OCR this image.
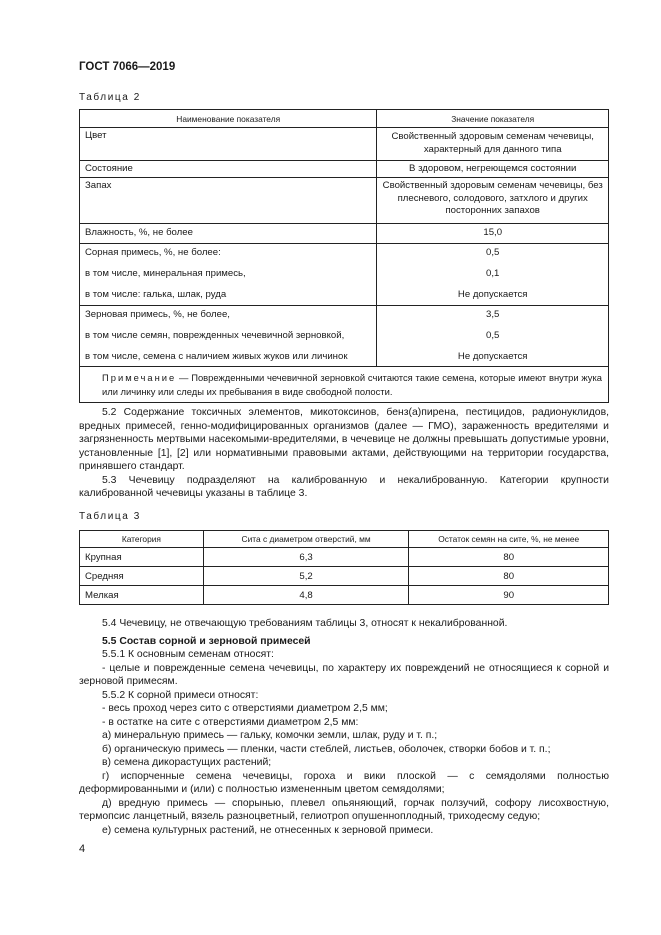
ГОСТ 7066—2019
Таблица 2
Наименование показателя	Значение показателя
Цвет	Свойственный здоровым семенам чечевицы, характерный для данного типа
Состояние	В здоровом, негреющемся состоянии
Запах	Свойственный здоровым семенам чечевицы, без плесневого, солодового, затхлого и других посторонних запахов
Влажность, %, не более	15,0
Сорная примесь, %, не более:	0,5
в том числе, минеральная примесь,	0,1
в том числе: галька, шлак, руда	Не допускается
Зерновая примесь, %, не более,	3,5
в том числе семян, поврежденных чечевичной зерновкой,	0,5
в том числе, семена с наличием живых жуков или личинок	Не допускается
Примечание — Поврежденными чечевичной зерновкой считаются такие семена, которые имеют внутри жука или личинку или следы их пребывания в виде свободной полости.	

5.2 Содержание токсичных элементов, микотоксинов, бенз(а)пирена, пестицидов, радионуклидов, вредных примесей, генно-модифицированных организмов (далее — ГМО), зараженность вредителями и загрязненность мертвыми насекомыми-вредителями, в чечевице не должны превышать допустимые уровни, установленные [1], [2] или нормативными правовыми актами, действующими на территории государства, принявшего стандарт.

5.3 Чечевицу подразделяют на калиброванную и некалиброванную. Категории крупности калиброванной чечевицы указаны в таблице 3.

Таблица 3
Категория	Сита с диаметром отверстий, мм	Остаток семян на сите, %, не менее
Крупная	6,3	80
Средняя	5,2	80
Мелкая	4,8	90

5.4 Чечевицу, не отвечающую требованиям таблицы 3, относят к некалиброванной.

5.5 Состав сорной и зерновой примесей

5.5.1 К основным семенам относят:

- целые и поврежденные семена чечевицы, по характеру их повреждений не относящиеся к сорной и зерновой примесям.

5.5.2 К сорной примеси относят:

- весь проход через сито с отверстиями диаметром 2,5 мм;

- в остатке на сите с отверстиями диаметром 2,5 мм:

а) минеральную примесь — гальку, комочки земли, шлак, руду и т. п.;

б) органическую примесь — пленки, части стеблей, листьев, оболочек, створки бобов и т. п.;

в) семена дикорастущих растений;

г) испорченные семена чечевицы, гороха и вики плоской — с семядолями полностью деформированными и (или) с полностью измененным цветом семядолями;

д) вредную примесь — спорынью, плевел опьяняющий, горчак ползучий, софору лисохвостную, термопсис ланцетный, вязель разноцветный, гелиотроп опушенноплодный, триходесму седую;

е) семена культурных растений, не отнесенных к зерновой примеси.

4
